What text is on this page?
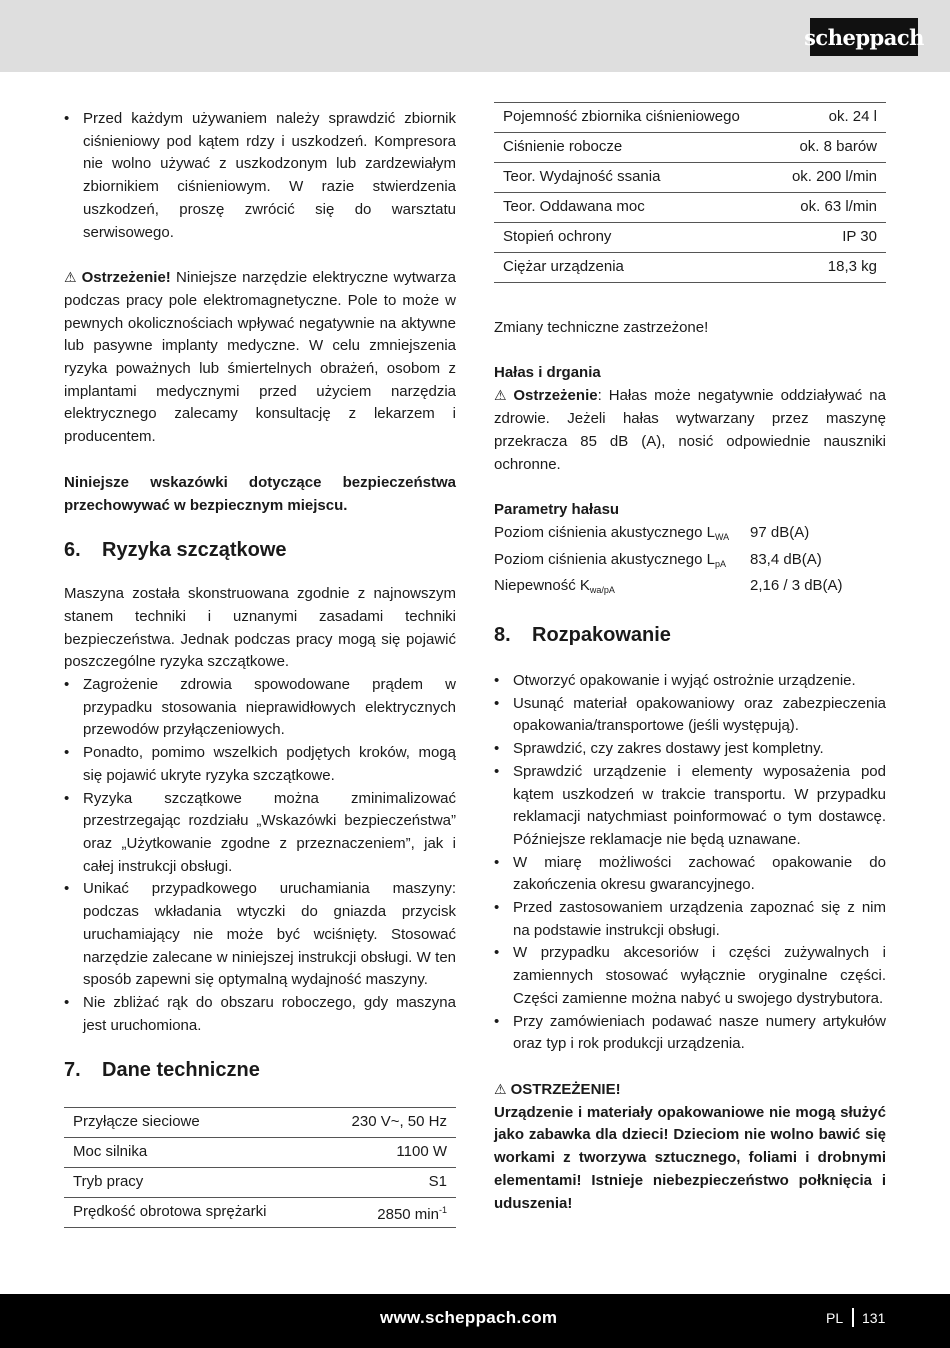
scheppach

• Przed każdym używaniem należy sprawdzić zbiornik ciśnieniowy pod kątem rdzy i uszkodzeń. Kompresora nie wolno używać z uszkodzonym lub zardzewiałym zbiornikiem ciśnieniowym. W razie stwierdzenia uszkodzeń, proszę zwrócić się do warsztatu serwisowego.

⚠ Ostrzeżenie! Niniejsze narzędzie elektryczne wytwarza podczas pracy pole elektromagnetyczne. Pole to może w pewnych okolicznościach wpływać negatywnie na aktywne lub pasywne implanty medyczne. W celu zmniejszenia ryzyka poważnych lub śmiertelnych obrażeń, osobom z implantami medycznymi przed użyciem narzędzia elektrycznego zalecamy konsultację z lekarzem i producentem.

Niniejsze wskazówki dotyczące bezpieczeństwa przechowywać w bezpiecznym miejscu.

6. Ryzyka szczątkowe

Maszyna została skonstruowana zgodnie z najnowszym stanem techniki i uznanymi zasadami techniki bezpieczeństwa. Jednak podczas pracy mogą się pojawić poszczególne ryzyka szczątkowe.

• Zagrożenie zdrowia spowodowane prądem w przypadku stosowania nieprawidłowych elektrycznych przewodów przyłączeniowych.

• Ponadto, pomimo wszelkich podjętych kroków, mogą się pojawić ukryte ryzyka szczątkowe.

• Ryzyka szczątkowe można zminimalizować przestrzegając rozdziału „Wskazówki bezpieczeństwa” oraz „Użytkowanie zgodne z przeznaczeniem”, jak i całej instrukcji obsługi.

• Unikać przypadkowego uruchamiania maszyny: podczas wkładania wtyczki do gniazda przycisk uruchamiający nie może być wciśnięty. Stosować narzędzie zalecane w niniejszej instrukcji obsługi. W ten sposób zapewni się optymalną wydajność maszyny.

• Nie zbliżać rąk do obszaru roboczego, gdy maszyna jest uruchomiona.

7. Dane techniczne
Przyłącze sieciowe	230 V~, 50 Hz
Moc silnika	1100 W
Tryb pracy	S1
Prędkość obrotowa sprężarki	2850 $\min^{-1}$
Pojemność zbiornika ciśnieniowego	ok. 24 l
Ciśnienie robocze	ok. 8 barów
Teor. Wydajność ssania	ok. 200 l/min
Teor. Oddawana moc	ok. 63 l/min
Stopień ochrony	IP 30
Ciężar urządzenia	18,3 kg

Zmiany techniczne zastrzeżone!

Hałas i drgania

⚠ Ostrzeżenie: Hałas może negatywnie oddziaływać na zdrowie. Jeżeli hałas wytwarzany przez maszynę przekracza 85 dB (A), nosić odpowiednie nauszniki ochronne.

Parametry hałasu
Poziom ciśnienia akustycznego $L_{WA}$	97 dB(A)
Poziom ciśnienia akustycznego $L_{pA}$	83,4 dB(A)
Niepewność $K_{wa/pA}$	2,16 / 3 dB(A)
8. Rozpakowanie

• Otworzyć opakowanie i wyjąć ostrożnie urządzenie.

• Usunąć materiał opakowaniowy oraz zabezpieczenia opakowania/transportowe (jeśli występują).

• Sprawdzić, czy zakres dostawy jest kompletny.

• Sprawdzić urządzenie i elementy wyposażenia pod kątem uszkodzeń w trakcie transportu. W przypadku reklamacji natychmiast poinformować o tym dostawcę. Późniejsze reklamacje nie będą uznawane.

• W miarę możliwości zachować opakowanie do zakończenia okresu gwarancyjnego.

• Przed zastosowaniem urządzenia zapoznać się z nim na podstawie instrukcji obsługi.

• W przypadku akcesoriów i części zużywalnych i zamiennych stosować wyłącznie oryginalne części. Części zamienne można nabyć u swojego dystrybutora.

• Przy zamówieniach podawać nasze numery artykułów oraz typ i rok produkcji urządzenia.

⚠ OSTRZEŻENIE!

Urządzenie i materiały opakowaniowe nie mogą służyć jako zabawka dla dzieci! Dzieciom nie wolno bawić się workami z tworzywa sztucznego, foliami i drobnymi elementami! Istnieje niebezpieczeństwo połknięcia i uduszenia!

www.scheppach.com	PL 131
